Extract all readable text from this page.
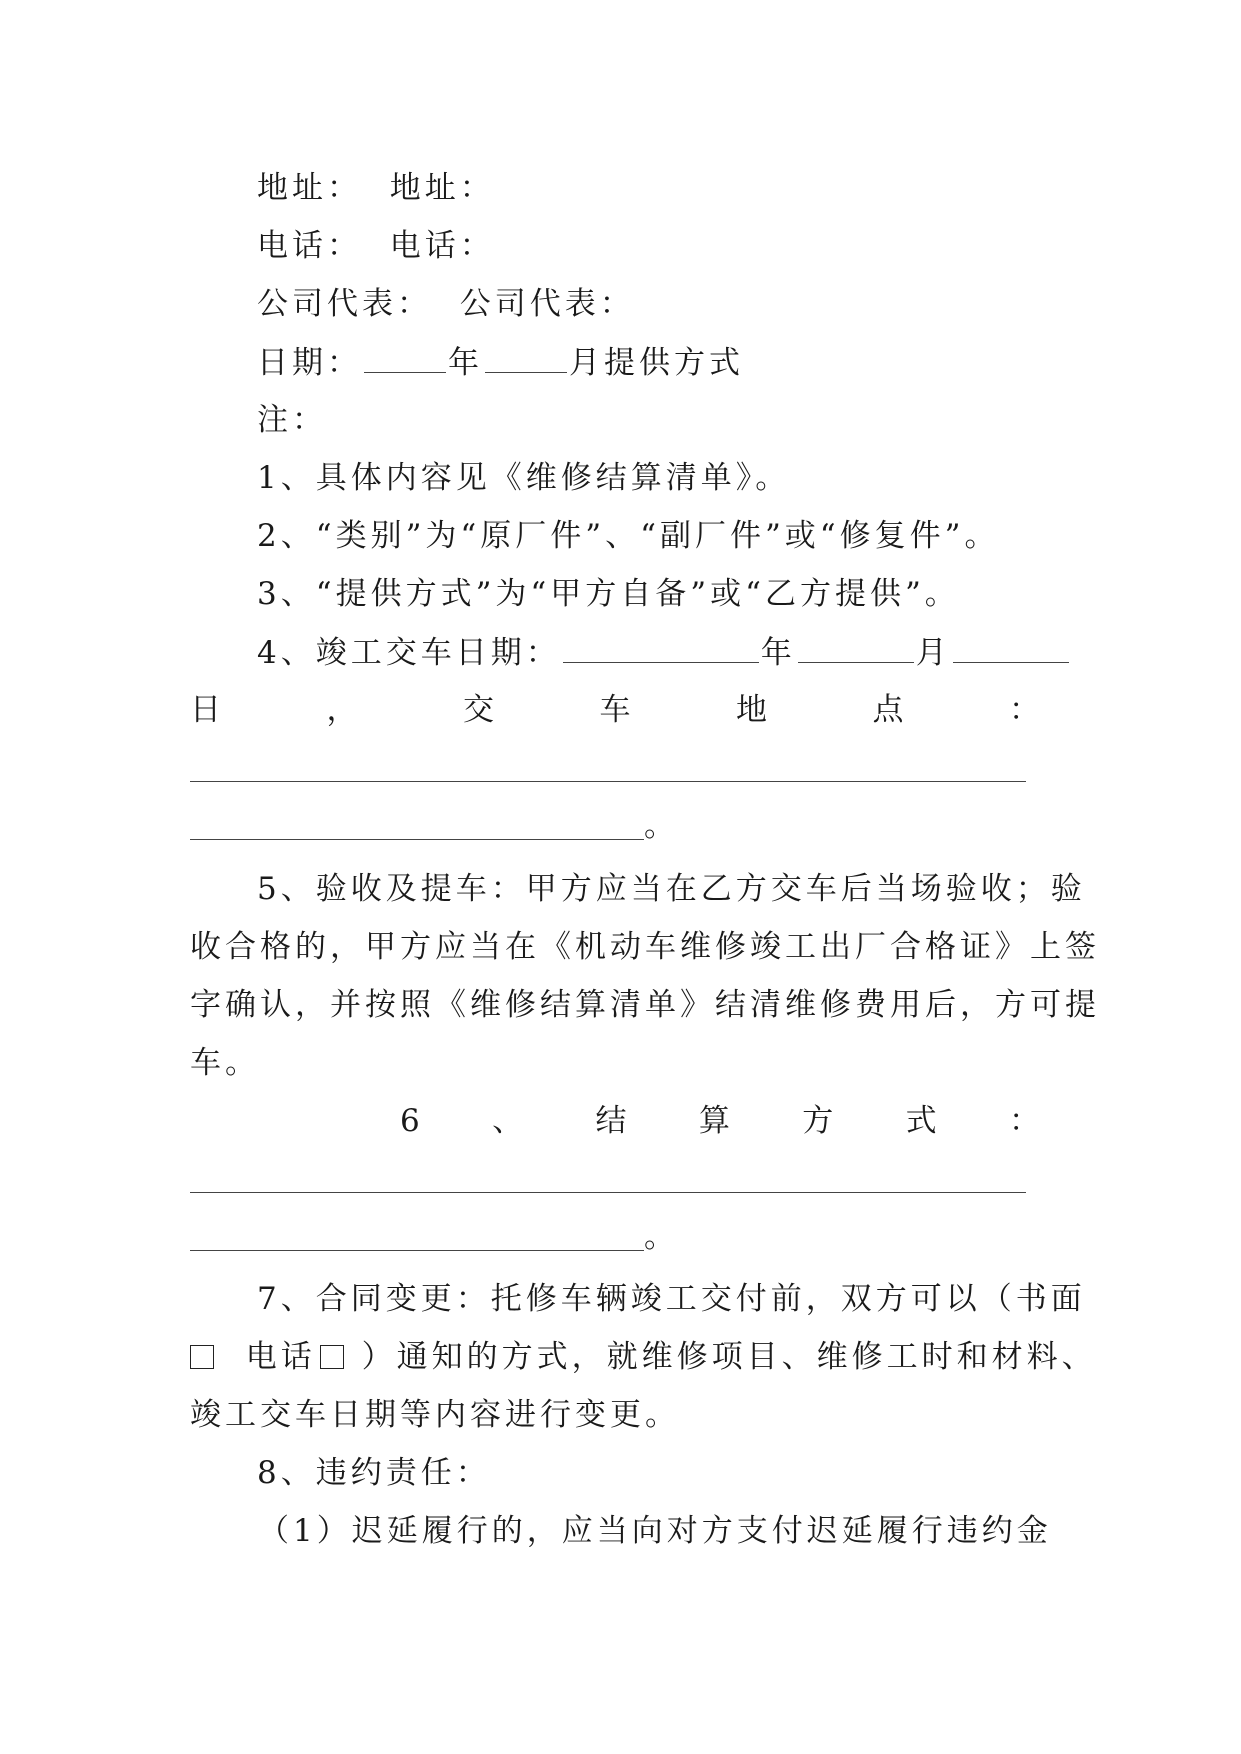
地址：  地址：
电话：  电话：
公司代表：  公司代表：
日期：	年	月提供方式
注：
1、具体内容见《维修结算清单》。
2、“类别”为“原厂件”、“副厂件”或“修复件”。
3、“提供方式”为“甲方自备”或“乙方提供”。
4、竣工交车日期：	年	月
日	，	交	车	地	点	：
。
5、验收及提车：甲方应当在乙方交车后当场验收；验
收合格的，甲方应当在《机动车维修竣工出厂合格证》上签
字确认，并按照《维修结算清单》结清维修费用后，方可提
车。
6 、 结 算 方 式 ：
。
7、合同变更：托修车辆竣工交付前，双方可以（书面
电话 ）通知的方式，就维修项目、维修工时和材料、
竣工交车日期等内容进行变更。
8、违约责任：
（1）迟延履行的，应当向对方支付迟延履行违约金
